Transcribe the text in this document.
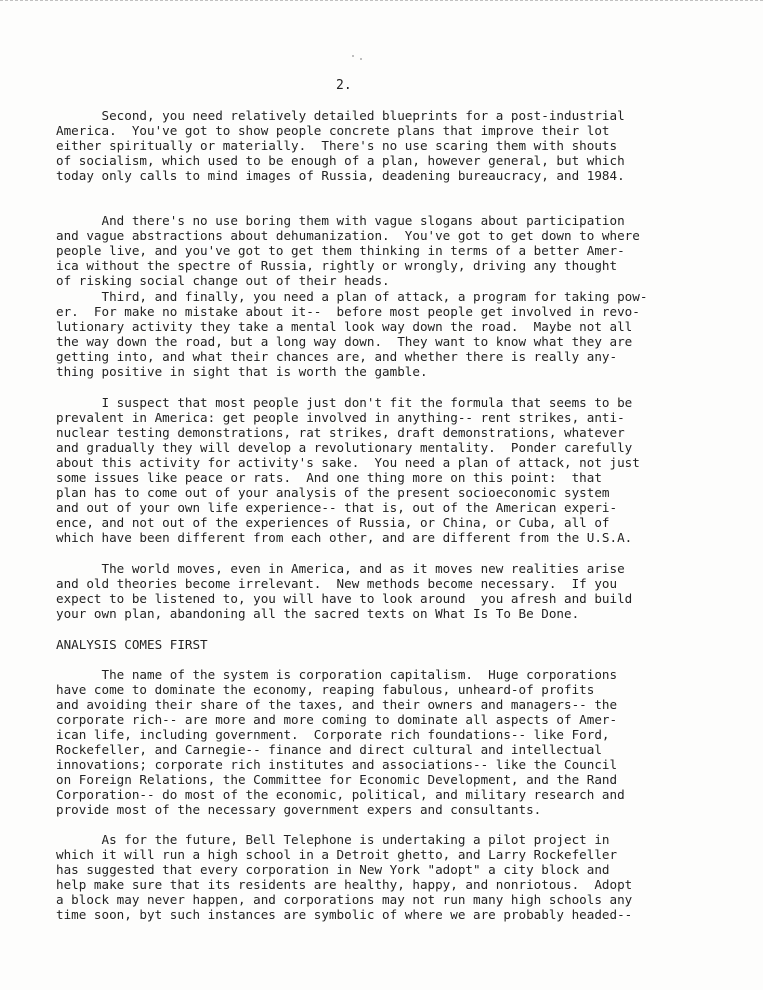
2.
Second, you need relatively detailed blueprints for a post-industrial
America.  You've got to show people concrete plans that improve their lot
either spiritually or materially.  There's no use scaring them with shouts
of socialism, which used to be enough of a plan, however general, but which
today only calls to mind images of Russia, deadening bureaucracy, and 1984.
And there's no use boring them with vague slogans about participation
and vague abstractions about dehumanization.  You've got to get down to where
people live, and you've got to get them thinking in terms of a better Amer-
ica without the spectre of Russia, rightly or wrongly, driving any thought
of risking social change out of their heads.
Third, and finally, you need a plan of attack, a program for taking pow-
er.  For make no mistake about it--  before most people get involved in revo-
lutionary activity they take a mental look way down the road.  Maybe not all
the way down the road, but a long way down.  They want to know what they are
getting into, and what their chances are, and whether there is really any-
thing positive in sight that is worth the gamble.
I suspect that most people just don't fit the formula that seems to be
prevalent in America: get people involved in anything-- rent strikes, anti-
nuclear testing demonstrations, rat strikes, draft demonstrations, whatever
and gradually they will develop a revolutionary mentality.  Ponder carefully
about this activity for activity's sake.  You need a plan of attack, not just
some issues like peace or rats.  And one thing more on this point:  that
plan has to come out of your analysis of the present socioeconomic system
and out of your own life experience-- that is, out of the American experi-
ence, and not out of the experiences of Russia, or China, or Cuba, all of
which have been different from each other, and are different from the U.S.A.
The world moves, even in America, and as it moves new realities arise
and old theories become irrelevant.  New methods become necessary.  If you
expect to be listened to, you will have to look around  you afresh and build
your own plan, abandoning all the sacred texts on What Is To Be Done.
ANALYSIS COMES FIRST
The name of the system is corporation capitalism.  Huge corporations
have come to dominate the economy, reaping fabulous, unheard-of profits
and avoiding their share of the taxes, and their owners and managers-- the
corporate rich-- are more and more coming to dominate all aspects of Amer-
ican life, including government.  Corporate rich foundations-- like Ford,
Rockefeller, and Carnegie-- finance and direct cultural and intellectual
innovations; corporate rich institutes and associations-- like the Council
on Foreign Relations, the Committee for Economic Development, and the Rand
Corporation-- do most of the economic, political, and military research and
provide most of the necessary government expers and consultants.
As for the future, Bell Telephone is undertaking a pilot project in
which it will run a high school in a Detroit ghetto, and Larry Rockefeller
has suggested that every corporation in New York "adopt" a city block and
help make sure that its residents are healthy, happy, and nonriotous.  Adopt
a block may never happen, and corporations may not run many high schools any
time soon, byt such instances are symbolic of where we are probably headed--
